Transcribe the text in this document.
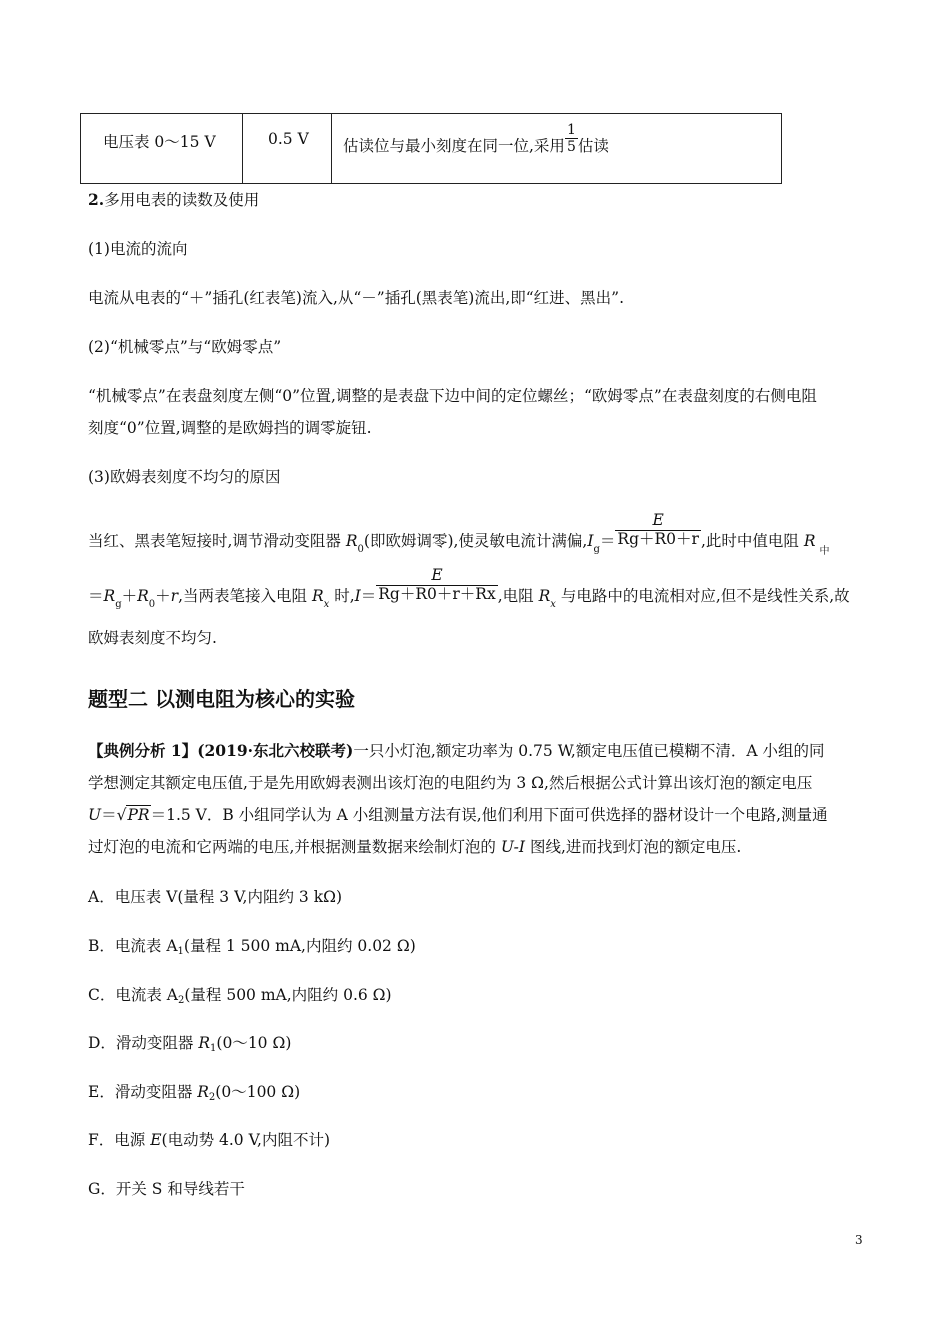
电压表 0～15 V	0.5 V 估读位与最小刻度在同一位,采用 $\frac{1}{5}$ 估读
2.多用电表的读数及使用
(1)电流的流向
电流从电表的“＋”插孔(红表笔)流入,从“－”插孔(黑表笔)流出,即“红进、黑出”.
(2)“机械零点”与“欧姆零点”
“机械零点”在表盘刻度左侧“0”位置,调整的是表盘下边中间的定位螺丝；“欧姆零点”在表盘刻度的右侧电阻
刻度“0”位置,调整的是欧姆挡的调零旋钮.
(3)欧姆表刻度不均匀的原因
当红、黑表笔短接时,调节滑动变阻器 $R_0$(即欧姆调零),使灵敏电流计满偏$,I_g= \frac{E}{Rg+R0+r}$ ,此时中值电阻 $R_中$
$=R_g+R_0+r$,当两表笔接入电阻 $R_x$ 时$,I= \frac{E}{Rg+R0+r+Rx}$ ,电阻 $R_x$ 与电路中的电流相对应,但不是线性关系,故
欧姆表刻度不均匀.
题型二 以测电阻为核心的实验
【典例分析 1】(2019·东北六校联考)一只小灯泡,额定功率为 0.75 W,额定电压值已模糊不清．A 小组的同
学想测定其额定电压值,于是先用欧姆表测出该灯泡的电阻约为 3 Ω,然后根据公式计算出该灯泡的额定电压
U＝√PR＝1.5 V．B 小组同学认为 A 小组测量方法有误,他们利用下面可供选择的器材设计一个电路,测量通
过灯泡的电流和它两端的电压,并根据测量数据来绘制灯泡的 U-I 图线,进而找到灯泡的额定电压.
A．电压表 V(量程 3 V,内阻约 3 kΩ)
B．电流表 $A_1$(量程 1 500 mA,内阻约 0.02 Ω)
C．电流表 $A_2$(量程 500 mA,内阻约 0.6 Ω)
D．滑动变阻器 $R_1(0\sim 10$ Ω)
E．滑动变阻器 $R_2(0\sim 100$ Ω)
F．电源 E(电动势 4.0 V,内阻不计)
G．开关 S 和导线若干
3
